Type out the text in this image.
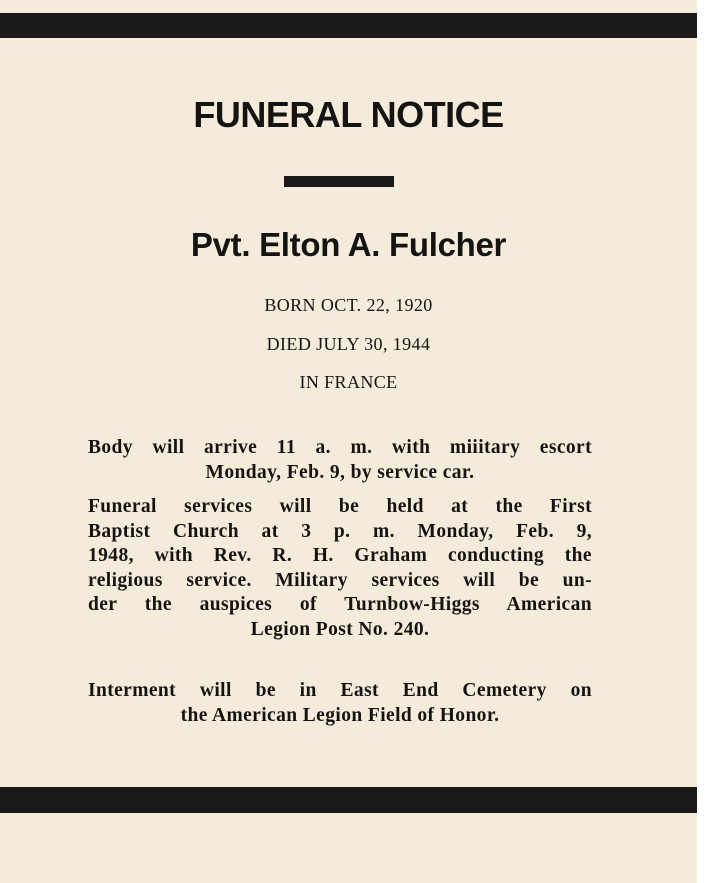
FUNERAL NOTICE
Pvt. Elton A. Fulcher
BORN OCT. 22, 1920
DIED JULY 30, 1944
IN FRANCE
Body will arrive 11 a. m. with miiitary escort
Monday, Feb. 9, by service car.
Funeral services will be held at the First
Baptist Church at 3 p. m. Monday, Feb. 9,
1948, with Rev. R. H. Graham conducting the
religious service. Military services will be un-
der the auspices of Turnbow-Higgs American
Legion Post No. 240.
Interment will be in East End Cemetery on
the American Legion Field of Honor.
